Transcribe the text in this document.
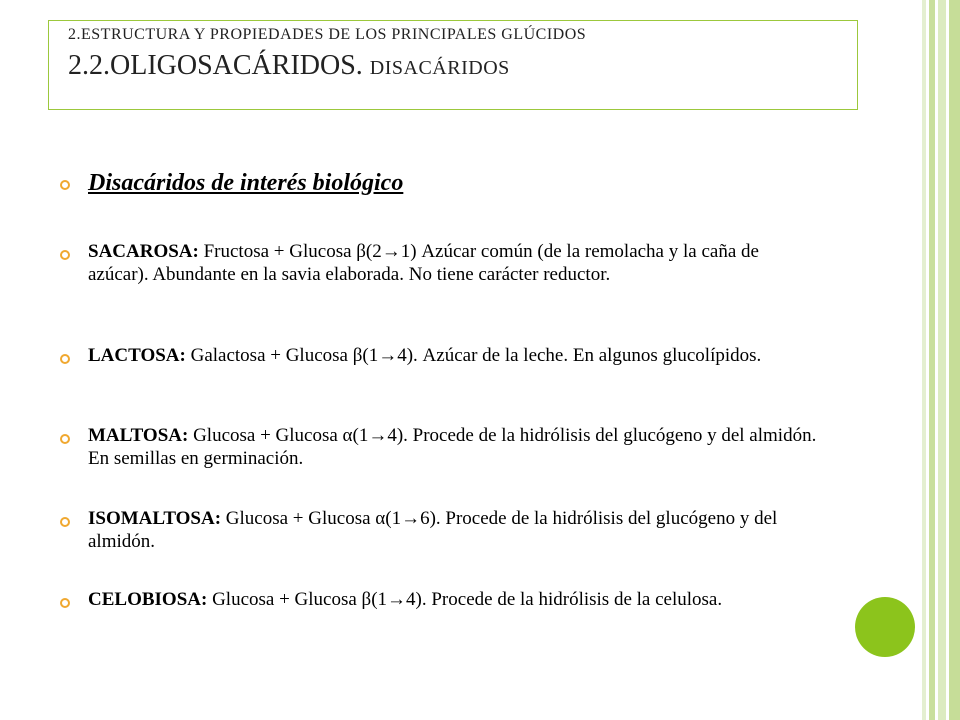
2.ESTRUCTURA Y PROPIEDADES DE LOS PRINCIPALES GLÚCIDOS
2.2.OLIGOSACÁRIDOS. DISACÁRIDOS
Disacáridos de interés biológico
SACAROSA: Fructosa + Glucosa β(2→1) Azúcar común (de la remolacha y la caña de azúcar). Abundante en la savia elaborada. No tiene carácter reductor.
LACTOSA: Galactosa + Glucosa β(1→4). Azúcar de la leche. En algunos glucolípidos.
MALTOSA: Glucosa + Glucosa α(1→4). Procede de la hidrólisis del glucógeno y del almidón. En semillas en germinación.
ISOMALTOSA: Glucosa + Glucosa α(1→6). Procede de la hidrólisis del glucógeno y del almidón.
CELOBIOSA: Glucosa + Glucosa β(1→4). Procede de la hidrólisis de la celulosa.
